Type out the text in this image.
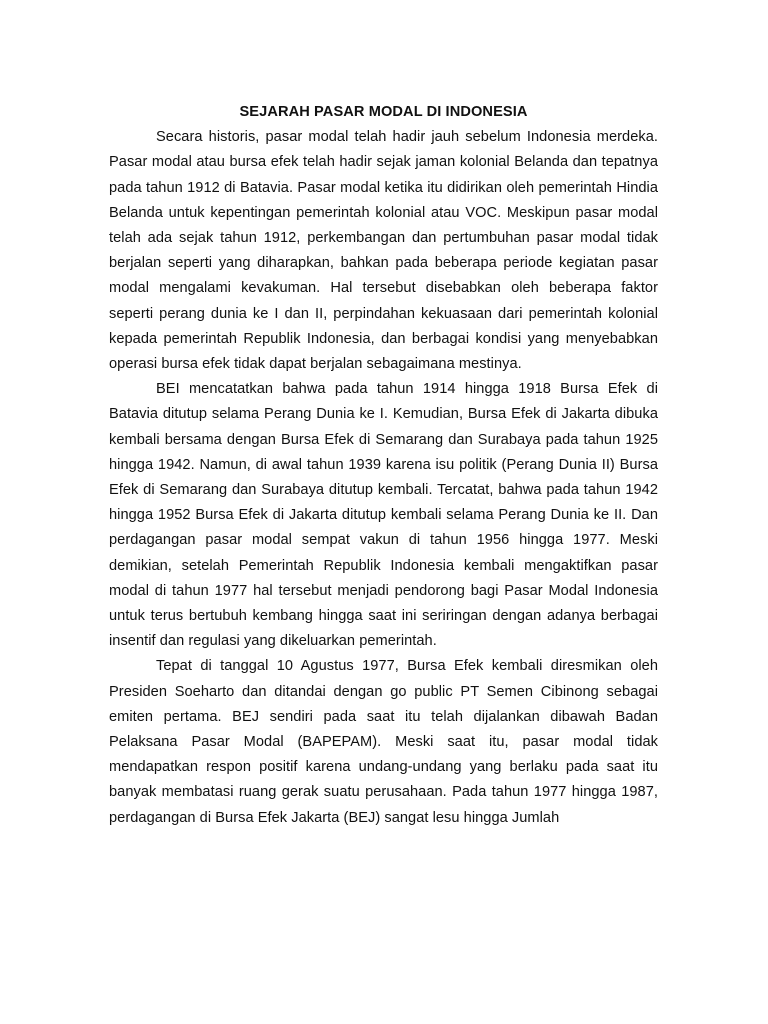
SEJARAH PASAR MODAL DI INDONESIA

Secara historis, pasar modal telah hadir jauh sebelum Indonesia merdeka. Pasar modal atau bursa efek telah hadir sejak jaman kolonial Belanda dan tepatnya pada tahun 1912 di Batavia. Pasar modal ketika itu didirikan oleh pemerintah Hindia Belanda untuk kepentingan pemerintah kolonial atau VOC. Meskipun pasar modal telah ada sejak tahun 1912, perkembangan dan pertumbuhan pasar modal tidak berjalan seperti yang diharapkan, bahkan pada beberapa periode kegiatan pasar modal mengalami kevakuman. Hal tersebut disebabkan oleh beberapa faktor seperti perang dunia ke I dan II, perpindahan kekuasaan dari pemerintah kolonial kepada pemerintah Republik Indonesia, dan berbagai kondisi yang menyebabkan operasi bursa efek tidak dapat berjalan sebagaimana mestinya.

BEI mencatatkan bahwa pada tahun 1914 hingga 1918 Bursa Efek di Batavia ditutup selama Perang Dunia ke I. Kemudian, Bursa Efek di Jakarta dibuka kembali bersama dengan Bursa Efek di Semarang dan Surabaya pada tahun 1925 hingga 1942. Namun, di awal tahun 1939 karena isu politik (Perang Dunia II) Bursa Efek di Semarang dan Surabaya ditutup kembali. Tercatat, bahwa pada tahun 1942 hingga 1952 Bursa Efek di Jakarta ditutup kembali selama Perang Dunia ke II. Dan perdagangan pasar modal sempat vakun di tahun 1956 hingga 1977. Meski demikian, setelah Pemerintah Republik Indonesia kembali mengaktifkan pasar modal di tahun 1977 hal tersebut menjadi pendorong bagi Pasar Modal Indonesia untuk terus bertubuh kembang hingga saat ini seriringan dengan adanya berbagai insentif dan regulasi yang dikeluarkan pemerintah.

Tepat di tanggal 10 Agustus 1977, Bursa Efek kembali diresmikan oleh Presiden Soeharto dan ditandai dengan go public PT Semen Cibinong sebagai emiten pertama. BEJ sendiri pada saat itu telah dijalankan dibawah Badan Pelaksana Pasar Modal (BAPEPAM). Meski saat itu, pasar modal tidak mendapatkan respon positif karena undang-undang yang berlaku pada saat itu banyak membatasi ruang gerak suatu perusahaan. Pada tahun 1977 hingga 1987, perdagangan di Bursa Efek Jakarta (BEJ) sangat lesu hingga Jumlah
